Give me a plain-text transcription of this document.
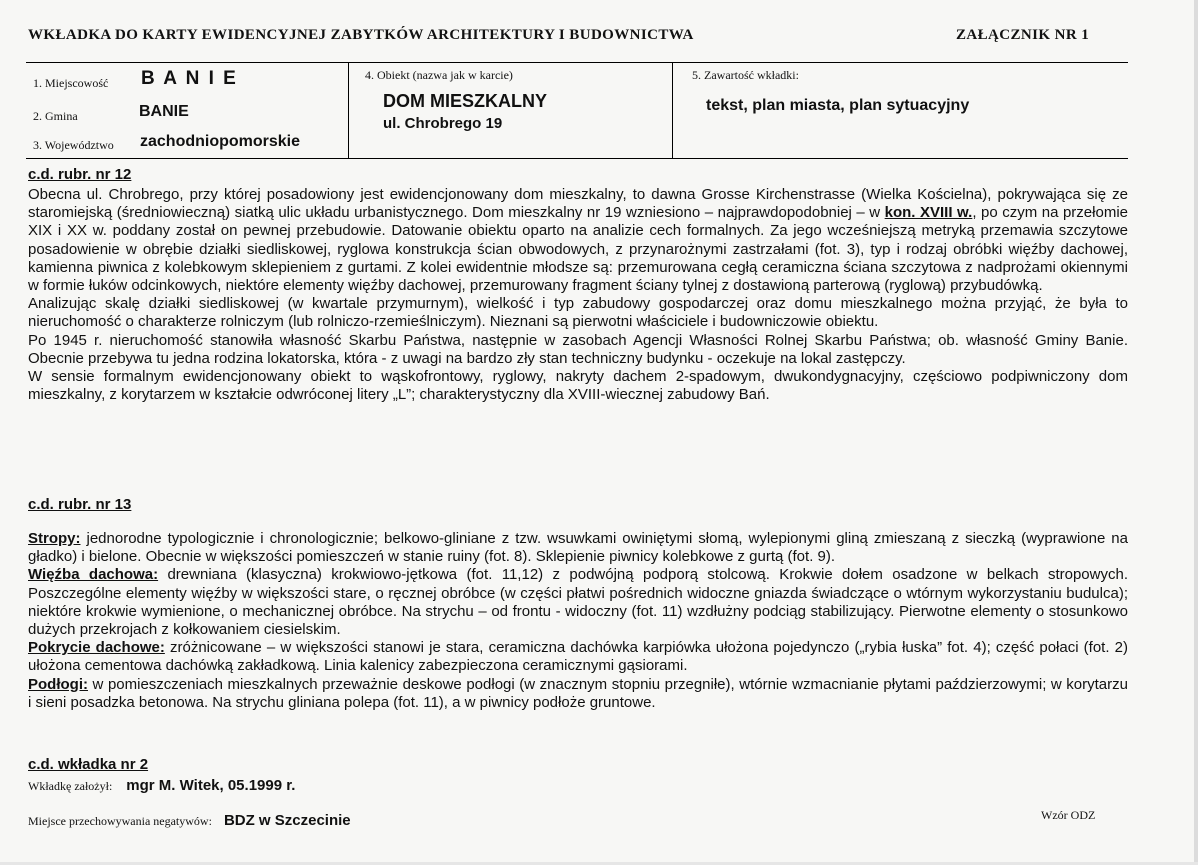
WKŁADKA DO KARTY EWIDENCYJNEJ ZABYTKÓW ARCHITEKTURY I BUDOWNICTWA	ZAŁĄCZNIK NR 1
1. Miejscowość B A N I E
2. Gmina	BANIE
3. Województwo zachodniopomorskie
4. Obiekt (nazwa jak w karcie)
DOM MIESZKALNY
ul. Chrobrego 19
5. Zawartość wkładki:
tekst, plan miasta, plan sytuacyjny
c.d. rubr. nr 12

Obecna ul. Chrobrego, przy której posadowiony jest ewidencjonowany dom mieszkalny, to dawna Grosse Kirchenstrasse (Wielka Kościelna), pokrywająca się ze staromiejską (średniowieczną) siatką ulic układu urbanistycznego. Dom mieszkalny nr 19 wzniesiono – najprawdopodobniej – w kon. XVIII w., po czym na przełomie XIX i XX w. poddany został on pewnej przebudowie. Datowanie obiektu oparto na analizie cech formalnych. Za jego wcześniejszą metryką przemawia szczytowe posadowienie w obrębie działki siedliskowej, ryglowa konstrukcja ścian obwodowych, z przynarożnymi zastrzałami (fot. 3), typ i rodzaj obróbki więźby dachowej, kamienna piwnica z kolebkowym sklepieniem z gurtami. Z kolei ewidentnie młodsze są: przemurowana cegłą ceramiczna ściana szczytowa z nadprożami okiennymi w formie łuków odcinkowych, niektóre elementy więźby dachowej, przemurowany fragment ściany tylnej z dostawioną parterową (ryglową) przybudówką.

Analizując skalę działki siedliskowej (w kwartale przymurnym), wielkość i typ zabudowy gospodarczej oraz domu mieszkalnego można przyjąć, że była to nieruchomość o charakterze rolniczym (lub rolniczo-rzemieślniczym). Nieznani są pierwotni właściciele i budowniczowie obiektu.

Po 1945 r. nieruchomość stanowiła własność Skarbu Państwa, następnie w zasobach Agencji Własności Rolnej Skarbu Państwa; ob. własność Gminy Banie. Obecnie przebywa tu jedna rodzina lokatorska, która - z uwagi na bardzo zły stan techniczny budynku - oczekuje na lokal zastępczy.

W sensie formalnym ewidencjonowany obiekt to wąskofrontowy, ryglowy, nakryty dachem 2-spadowym, dwukondygnacyjny, częściowo podpiwniczony dom mieszkalny, z korytarzem w kształcie odwróconej litery „L”; charakterystyczny dla XVIII-wiecznej zabudowy Bań.

c.d. rubr. nr 13

Stropy: jednorodne typologicznie i chronologicznie; belkowo-gliniane z tzw. wsuwkami owiniętymi słomą, wylepionymi gliną zmieszaną z sieczką (wyprawione na gładko) i bielone. Obecnie w większości pomieszczeń w stanie ruiny (fot. 8). Sklepienie piwnicy kolebkowe z gurtą (fot. 9).

Więźba dachowa: drewniana (klasyczna) krokwiowo-jętkowa (fot. 11,12) z podwójną podporą stolcową. Krokwie dołem osadzone w belkach stropowych. Poszczególne elementy więźby w większości stare, o ręcznej obróbce (w części płatwi pośrednich widoczne gniazda świadczące o wtórnym wykorzystaniu budulca); niektóre krokwie wymienione, o mechanicznej obróbce. Na strychu – od frontu - widoczny (fot. 11) wzdłużny podciąg stabilizujący. Pierwotne elementy o stosunkowo dużych przekrojach z kołkowaniem ciesielskim.

Pokrycie dachowe: zróżnicowane – w większości stanowi je stara, ceramiczna dachówka karpiówka ułożona pojedynczo („rybia łuska” fot. 4); część połaci (fot. 2) ułożona cementowa dachówką zakładkową. Linia kalenicy zabezpieczona ceramicznymi gąsiorami.

Podłogi: w pomieszczeniach mieszkalnych przeważnie deskowe podłogi (w znacznym stopniu przegniłe), wtórnie wzmacnianie płytami paździerzowymi; w korytarzu i sieni posadzka betonowa. Na strychu gliniana polepa (fot. 11), a w piwnicy podłoże gruntowe.

c.d. wkładka nr 2
Wkładkę założył: mgr M. Witek, 05.1999 r.
Miejsce przechowywania negatywów: BDZ w Szczecinie	Wzór ODZ
